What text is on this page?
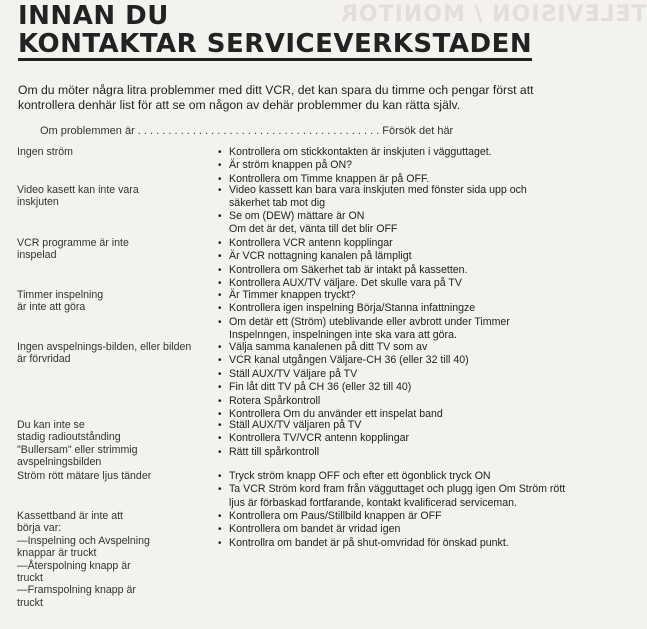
TELEVISION / MONITOR
INNAN DU
KONTAKTAR SERVICEVERKSTADEN
Om du möter några litra problemmer med ditt VCR, det kan spara du timme och pengar först att kontrollera denhär list för att se om någon av dehär problemmer du kan rätta själv.
Om problemmen är . . . . . . . . . . . . . . . . . . . . . . . . . . . . . . . . . . . . . . . . Försök det här
Ingen ström	• Kontrollera om stickkontakten är inskjuten i vägguttaget.
• Är ström knappen på ON?
• Kontrollera om Timme knappen är på OFF.
Video kasett kan inte vara
inskjuten
• Video kassett kan bara vara inskjuten med fönster sida upp och
säkerhet tab mot dig
• Se om (DEW) mättare är ON
Om det är det, vänta till det blir OFF
VCR programme är inte
inspelad
• Kontrollera VCR antenn kopplingar
• Är VCR nottagning kanalen på lämpligt
• Kontrollera om Säkerhet tab är intakt på kassetten.
• Kontrollera AUX/TV väljare. Det skulle vara på TV
Timmer inspelning
är inte att göra
• Är Timmer knappen tryckt?
• Kontrollera igen inspelning Börja/Stanna infattningze
• Om detär ett (Ström) uteblivande eller avbrott under Timmer
Inspelnngen, inspelningen inte ska vara att göra.
Ingen avspelnings-bilden, eller bilden
är förvridad
• Välja samma kanalenen på ditt TV som av
• VCR kanal utgången Väljare-CH 36 (eller 32 till 40)
• Ställ AUX/TV Väljare på TV
• Fin låt ditt TV på CH 36 (eller 32 till 40)
• Rotera Spårkontroll
• Kontrollera Om du använder ett inspelat band
Du kan inte se
stadig radioutstånding
"Bullersam" eller strimmig
avspelningsbilden
• Ställ AUX/TV väljaren på TV
• Kontrollera TV/VCR antenn kopplingar
• Rätt till spårkontroll
Ström rött mätare ljus tänder	• Tryck ström knapp OFF och efter ett ögonblick tryck ON
• Ta VCR Ström kord fram från vägguttaget och plugg igen Om Ström rött
ljus är förbaskad fortfarande, kontakt kvalificerad serviceman.
Kassettband är inte att
börja var:
—Inspelning och Avspelning
knappar är truckt
—Återspolning knapp är
truckt
—Framspolning knapp är
truckt
• Kontrollera om Paus/Stillbild knappen är OFF
• Kontrollera om bandet är vridad igen
• Kontrollra om bandet är på shut-omvridad för önskad punkt.
